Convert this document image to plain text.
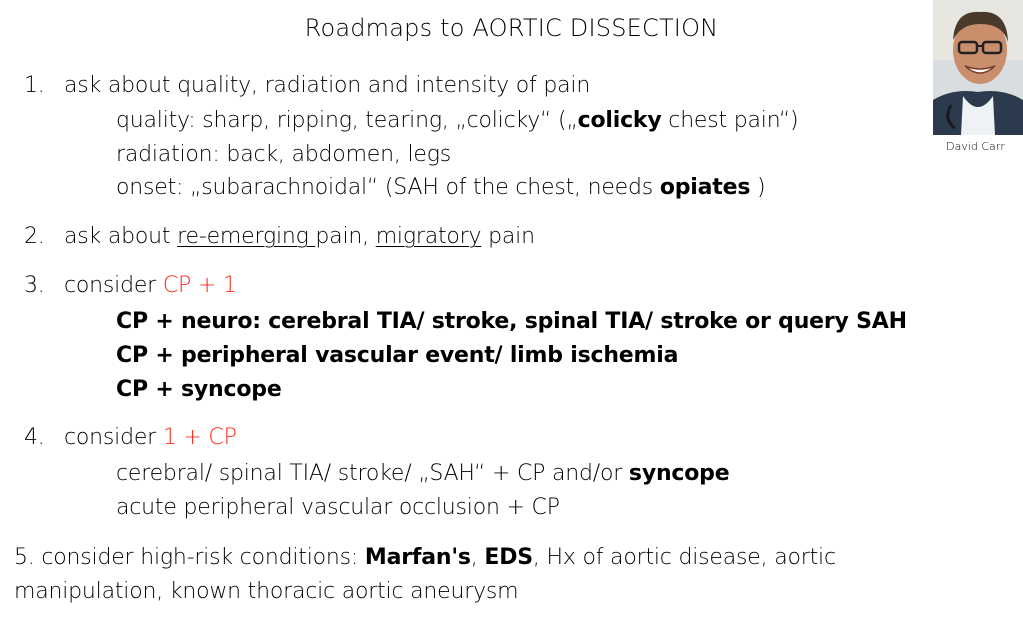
Roadmaps to AORTIC DISSECTION
David Carr
1. ask about quality, radiation and intensity of pain
quality: sharp, ripping, tearing, „colicky“ („colicky chest pain“)
radiation: back, abdomen, legs
onset: „subarachnoidal“ (SAH of the chest, needs opiates )
2. ask about re-emerging pain, migratory pain
3. consider CP + 1
CP + neuro: cerebral TIA/ stroke, spinal TIA/ stroke or query SAH
CP + peripheral vascular event/ limb ischemia
CP + syncope
4. consider 1 + CP
cerebral/ spinal TIA/ stroke/ „SAH“ + CP and/or syncope
acute peripheral vascular occlusion + CP
5. consider high-risk conditions: Marfan's, EDS, Hx of aortic disease, aortic
manipulation, known thoracic aortic aneurysm
